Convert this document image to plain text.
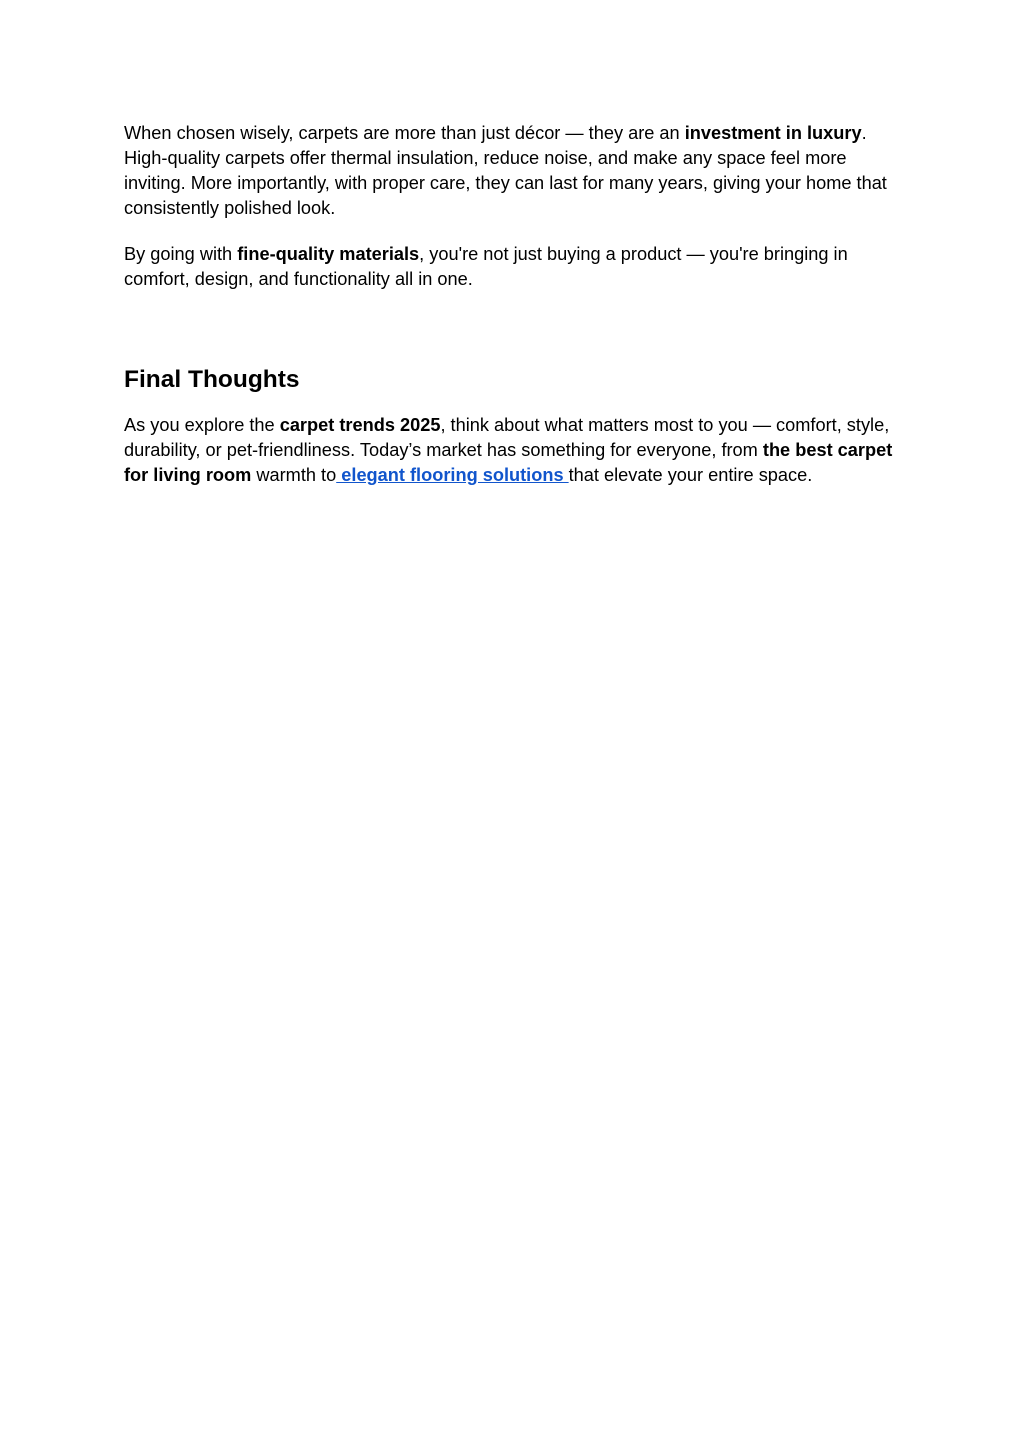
When chosen wisely, carpets are more than just décor — they are an investment in luxury. High-quality carpets offer thermal insulation, reduce noise, and make any space feel more inviting. More importantly, with proper care, they can last for many years, giving your home that consistently polished look.

By going with fine-quality materials, you're not just buying a product — you're bringing in comfort, design, and functionality all in one.

Final Thoughts

As you explore the carpet trends 2025, think about what matters most to you — comfort, style, durability, or pet-friendliness. Today’s market has something for everyone, from the best carpet for living room warmth to elegant flooring solutions that elevate your entire space.
